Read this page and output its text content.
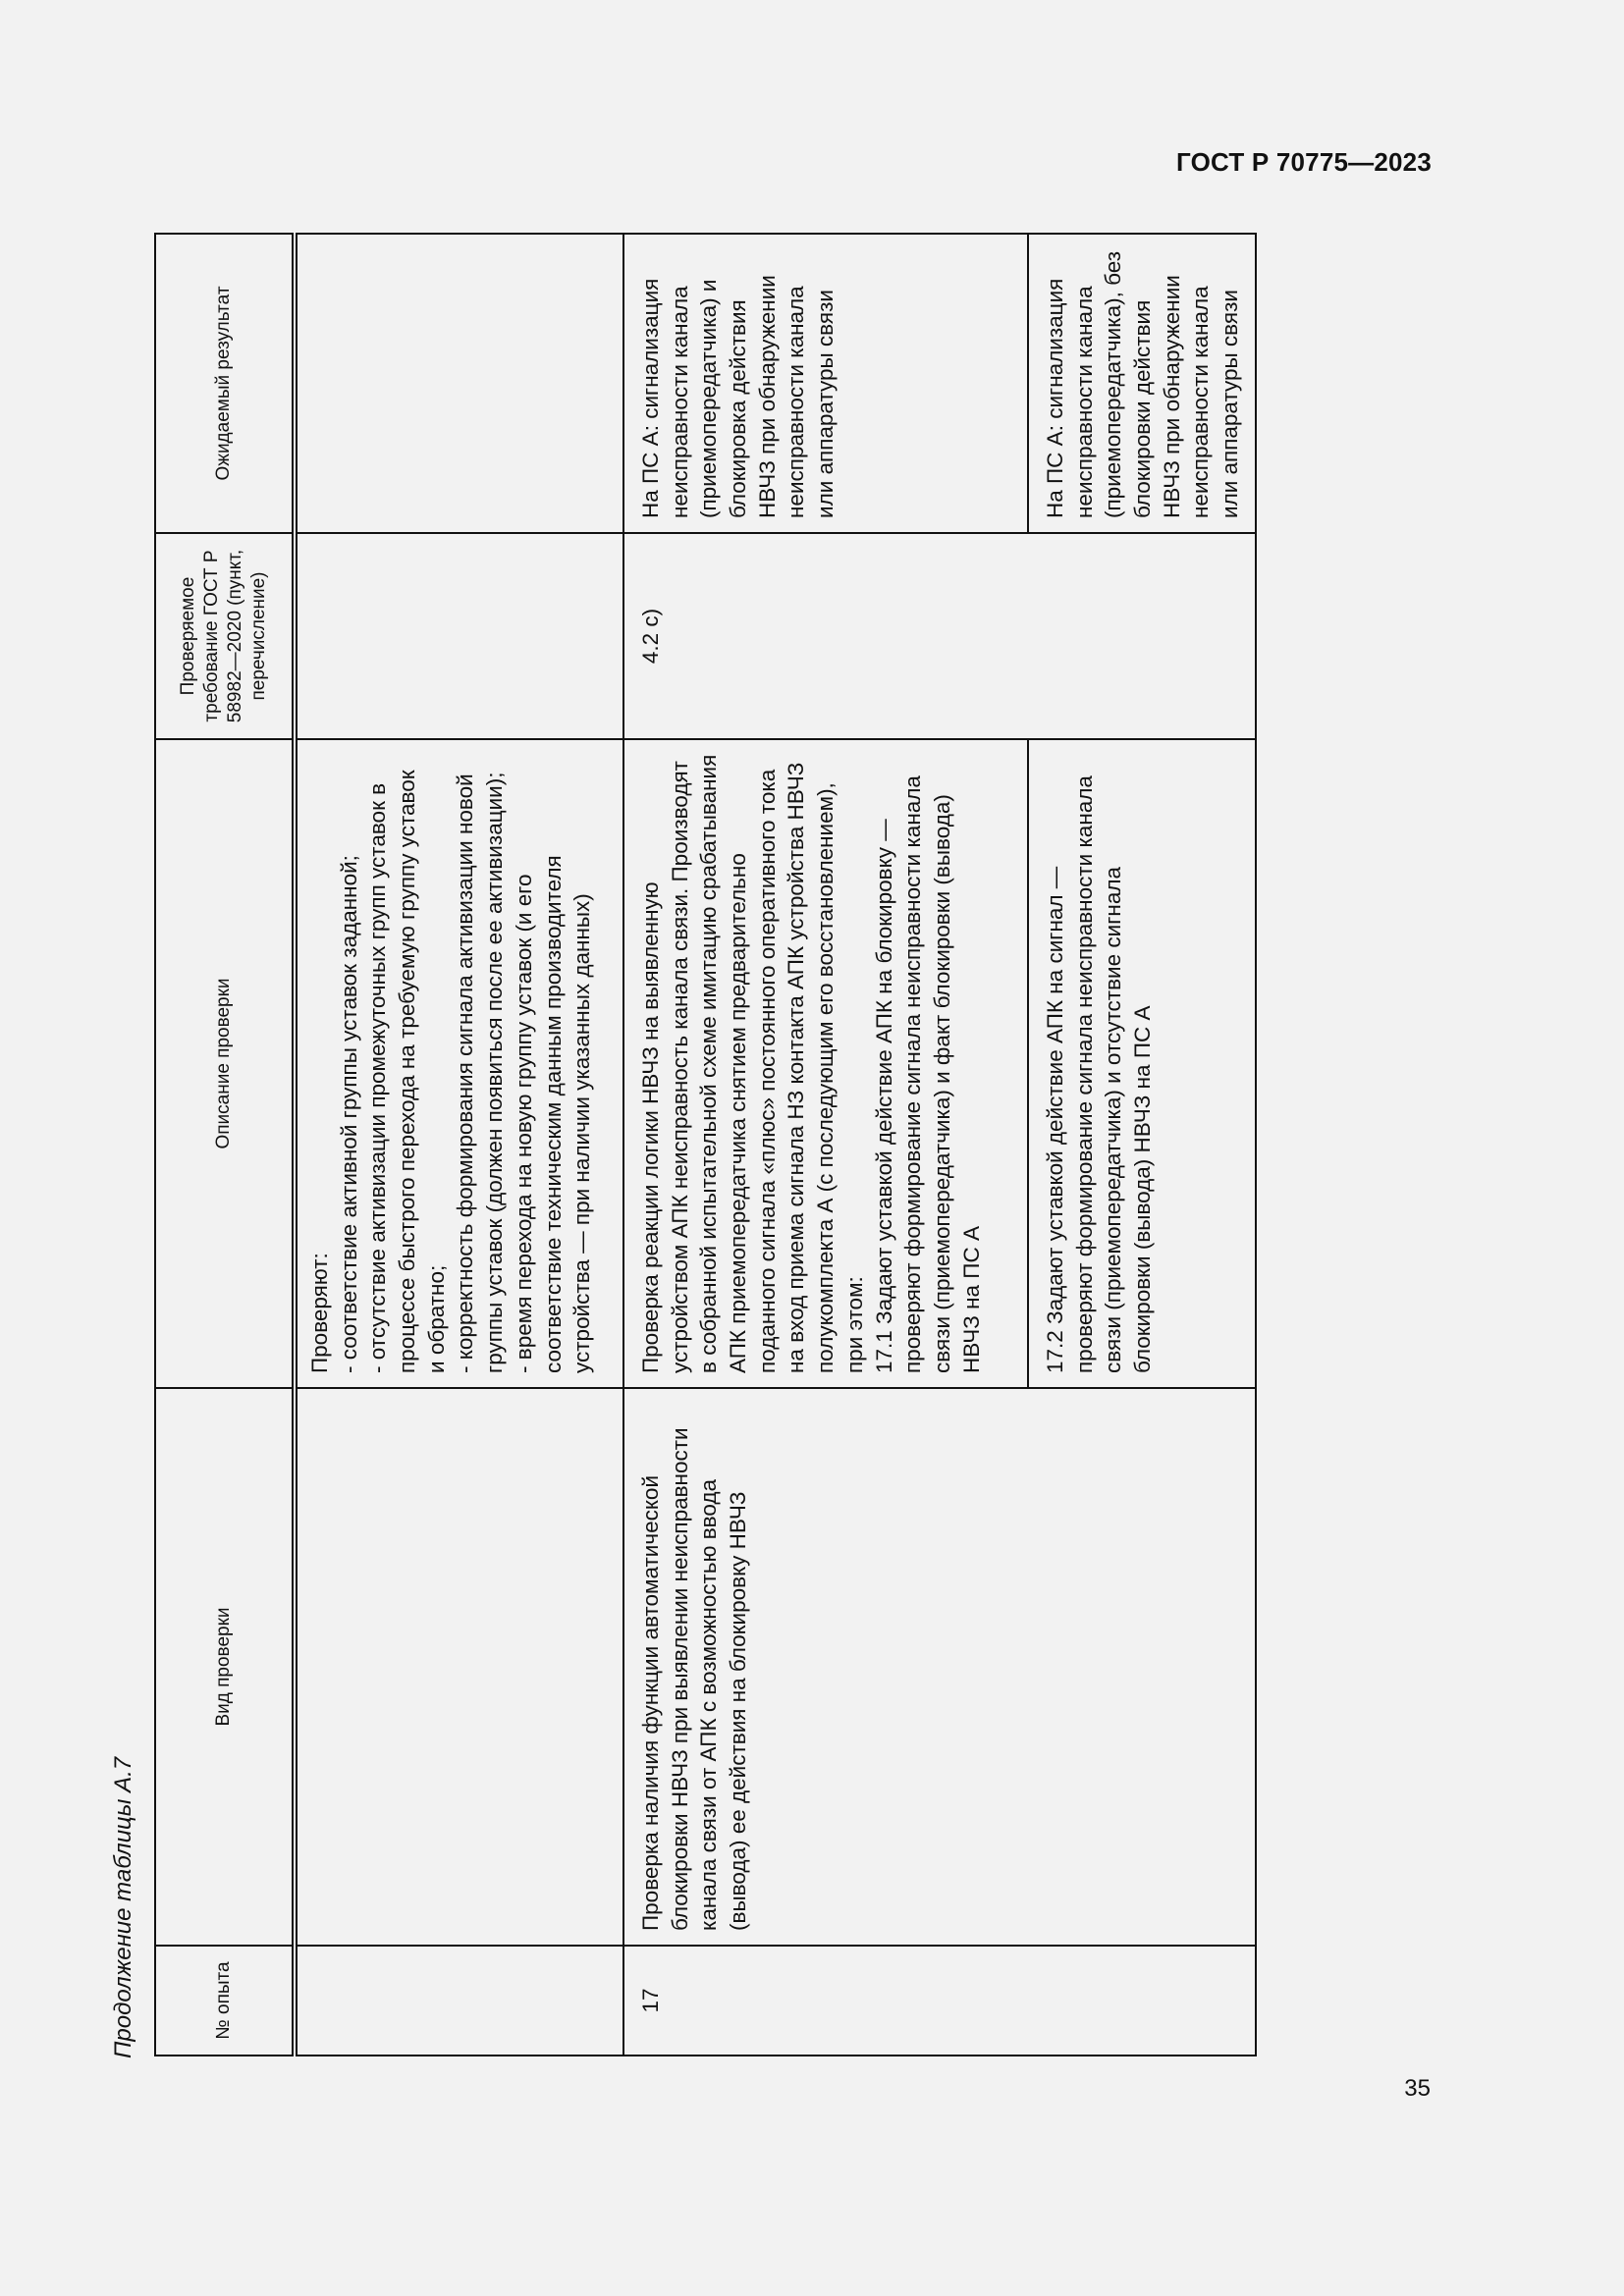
ГОСТ Р 70775—2023
Продолжение таблицы А.7	№ опыта	Вид проверки	Описание проверки	Проверяемое требование ГОСТ Р 58982—2020 (пункт, перечисление)	Ожидаемый результат

		Проверяют: - соответствие активной группы уставок заданной; - отсутствие активизации промежуточных групп уставок в процессе быстрого перехода на требуемую группу уставок и обратно; - корректность формирования сигнала активизации новой группы уставок (должен появиться после ее активизации); - время перехода на новую группу уставок (и его соответствие техническим данным производителя устройства — при наличии указанных данных)		

17	Проверка наличия функции автоматической блокировки НВЧЗ при выявлении неисправности канала связи от АПК с возможностью ввода (вывода) ее действия на блокировку НВЧЗ	Проверка реакции логики НВЧЗ на выявленную устройством АПК неисправность канала связи. Производят в собранной испытательной схеме имитацию срабатывания АПК приемопередатчика снятием предварительно поданного сигнала «плюс» постоянного оперативного тока на вход приема сигнала НЗ контакта АПК устройства НВЧЗ полукомплекта А (с последующим его восстановлением), при этом: 17.1 Задают уставкой действие АПК на блокировку — проверяют формирование сигнала неисправности канала связи (приемопередатчика) и факт блокировки (вывода) НВЧЗ на ПС А	4.2 с)	На ПС А: сигнализация неисправности канала (приемопередатчика) и блокировка действия НВЧЗ при обнаружении неисправности канала или аппаратуры связи
		17.2 Задают уставкой действие АПК на сигнал — проверяют формирование сигнала неисправности канала связи (приемопередатчика) и отсутствие сигнала блокировки (вывода) НВЧЗ на ПС А		На ПС А: сигнализация неисправности канала (приемопередатчика), без блокировки действия НВЧЗ при обнаружении неисправности канала или аппаратуры связи
35
